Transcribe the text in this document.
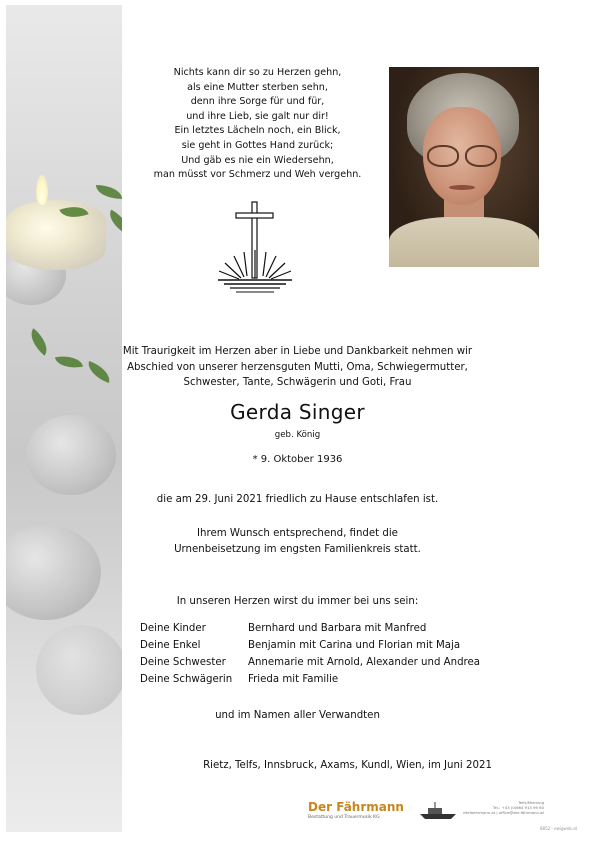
Nichts kann dir so zu Herzen gehn,
als eine Mutter sterben sehn,
denn ihre Sorge für und für,
und ihre Lieb, sie galt nur dir!
Ein letztes Lächeln noch, ein Blick,
sie geht in Gottes Hand zurück;
Und gäb es nie ein Wiedersehn,
man müsst vor Schmerz und Weh vergehn.
Mit Traurigkeit im Herzen aber in Liebe und Dankbarkeit nehmen wir Abschied von unserer herzensguten Mutti, Oma, Schwiegermutter, Schwester, Tante, Schwägerin und Goti, Frau
Gerda Singer
geb. König
* 9. Oktober 1936
die am 29. Juni 2021 friedlich zu Hause entschlafen ist.
Ihrem Wunsch entsprechend, findet die Urnenbeisetzung im engsten Familienkreis statt.
In unseren Herzen wirst du immer bei uns sein:
Deine Kinder	Bernhard und Barbara mit Manfred
Deine Enkel	Benjamin mit Carina und Florian mit Maja
Deine Schwester	Annemarie mit Arnold, Alexander und Andrea
Deine Schwägerin	Frieda mit Familie
und im Namen aller Verwandten
Rietz, Telfs, Innsbruck, Axams, Kundl, Wien, im Juni 2021
Der Fährmann
Bestattung und Trauermusik KG
Telfs/Mieming
Tel.: +43 (0)664 915 99 60
derfaehrmann.at | office@der-fährmann.at
8852 - ewigweb.at
